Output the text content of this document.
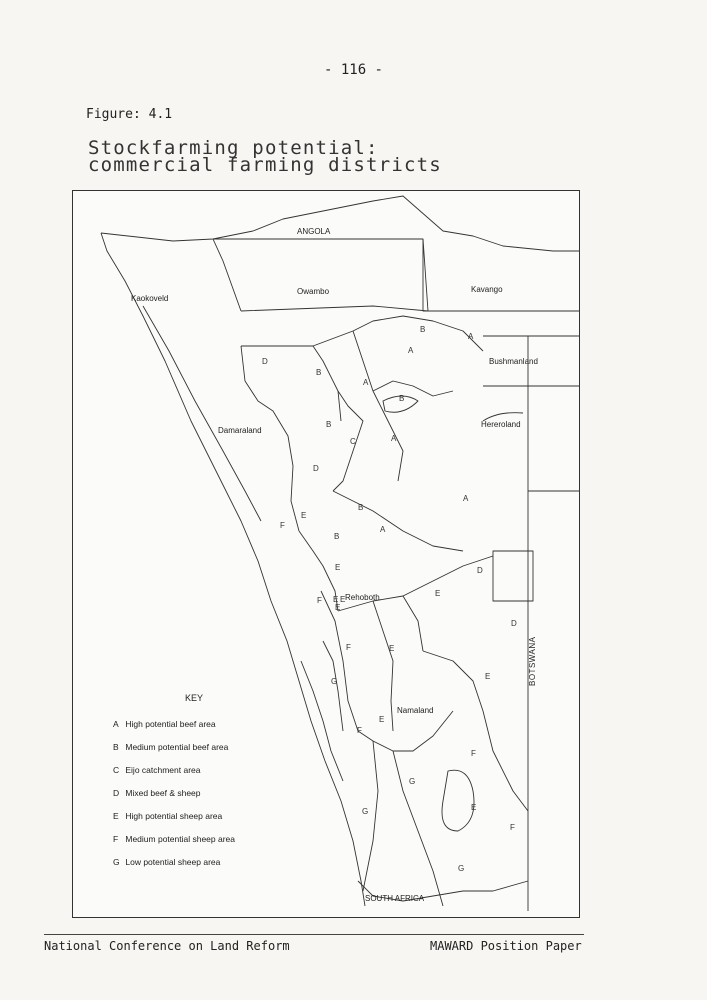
- 116 -
Figure: 4.1
Stockfarming potential:
commercial farming districts
ANGOLA
Kaokoveld
Owambo	Kavango
Bushmanland
Damaraland
Hereroland
Rehoboth
Namaland
SOUTH AFRICA
BOTSWANA
B
A
A
D
B
A
B
B
C	A
D
A
B
E
B
A
F
E	D
E
E
E
F E
D
F	E
G
E
F
E
G
F
E
F
G
G
KEY
A High potential beef area
B Medium potential beef area
C Eijo catchment area
D Mixed beef & sheep
E High potential sheep area
F Medium potential sheep area
G Low potential sheep area
National Conference on Land Reform	MAWARD Position Paper
